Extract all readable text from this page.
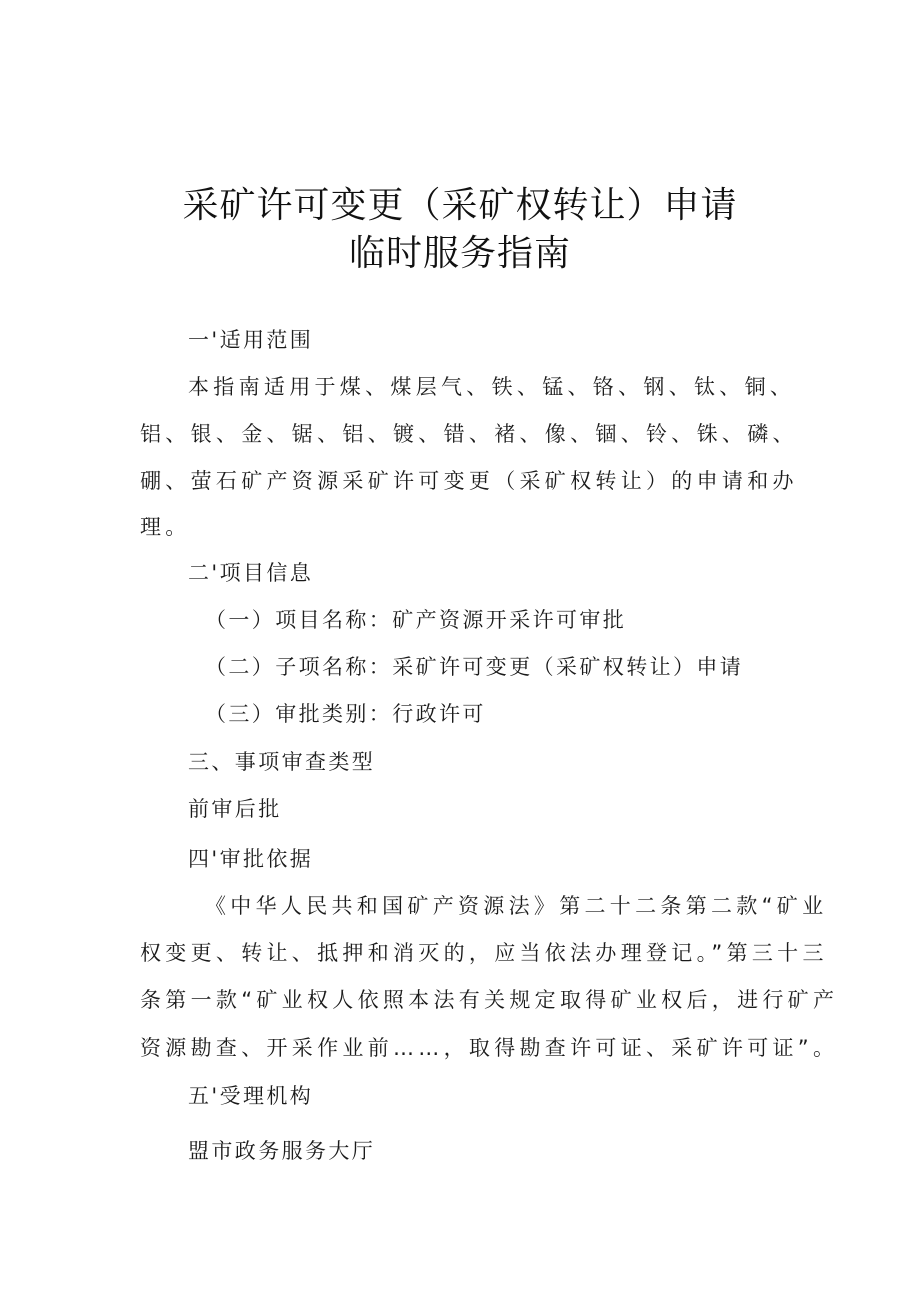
采矿许可变更（采矿权转让）申请
临时服务指南
一'适用范围
本指南适用于煤、煤层气、铁、锰、铬、钢、钛、铜、
铝、银、金、锯、铝、镀、错、褚、像、锢、铃、铢、磷、
硼、萤石矿产资源采矿许可变更（采矿权转让）的申请和办
理。
二'项目信息
（一）项目名称：矿产资源开采许可审批
（二）子项名称：采矿许可变更（采矿权转让）申请
（三）审批类别：行政许可
三、事项审查类型
前审后批
四'审批依据
《中华人民共和国矿产资源法》第二十二条第二款“矿业
权变更、转让、抵押和消灭的，应当依法办理登记。”第三十三
条第一款“矿业权人依照本法有关规定取得矿业权后，进行矿产
资源勘查、开采作业前……，取得勘查许可证、采矿许可证”。
五'受理机构
盟市政务服务大厅
